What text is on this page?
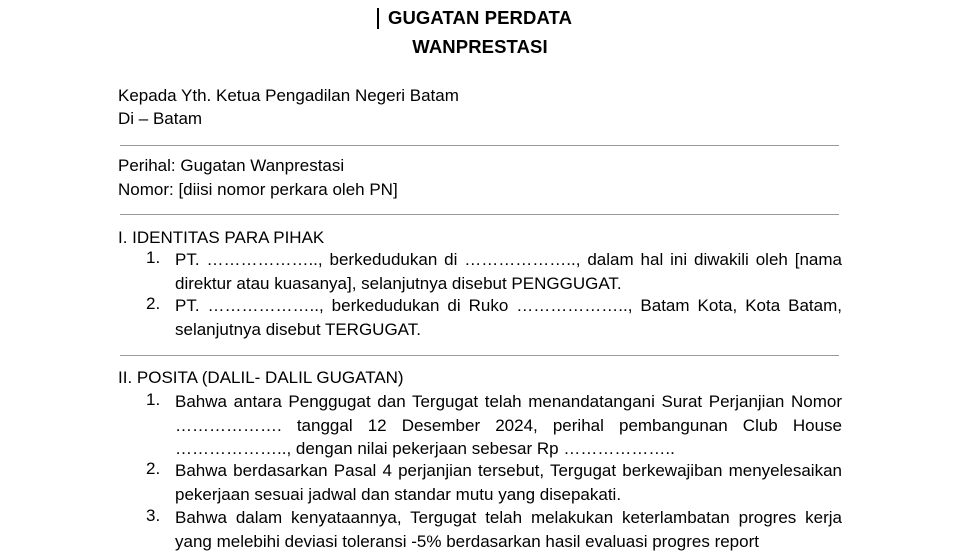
GUGATAN PERDATA
WANPRESTASI
Kepada Yth. Ketua Pengadilan Negeri Batam
Di – Batam
Perihal: Gugatan Wanprestasi
Nomor: [diisi nomor perkara oleh PN]
I. IDENTITAS PARA PIHAK
1. PT. ……………….., berkedudukan di ……………….., dalam hal ini diwakili oleh [nama direktur atau kuasanya], selanjutnya disebut PENGGUGAT.
2. PT. ……………….., berkedudukan di Ruko ……………….., Batam Kota, Kota Batam, selanjutnya disebut TERGUGAT.
II. POSITA (DALIL- DALIL GUGATAN)
1. Bahwa antara Penggugat dan Tergugat telah menandatangani Surat Perjanjian Nomor ………………. tanggal 12 Desember 2024, perihal pembangunan Club House ……………….., dengan nilai pekerjaan sebesar Rp ………………..
2. Bahwa berdasarkan Pasal 4 perjanjian tersebut, Tergugat berkewajiban menyelesaikan pekerjaan sesuai jadwal dan standar mutu yang disepakati.
3. Bahwa dalam kenyataannya, Tergugat telah melakukan keterlambatan progres kerja yang melebihi deviasi toleransi -5% berdasarkan hasil evaluasi progres report
